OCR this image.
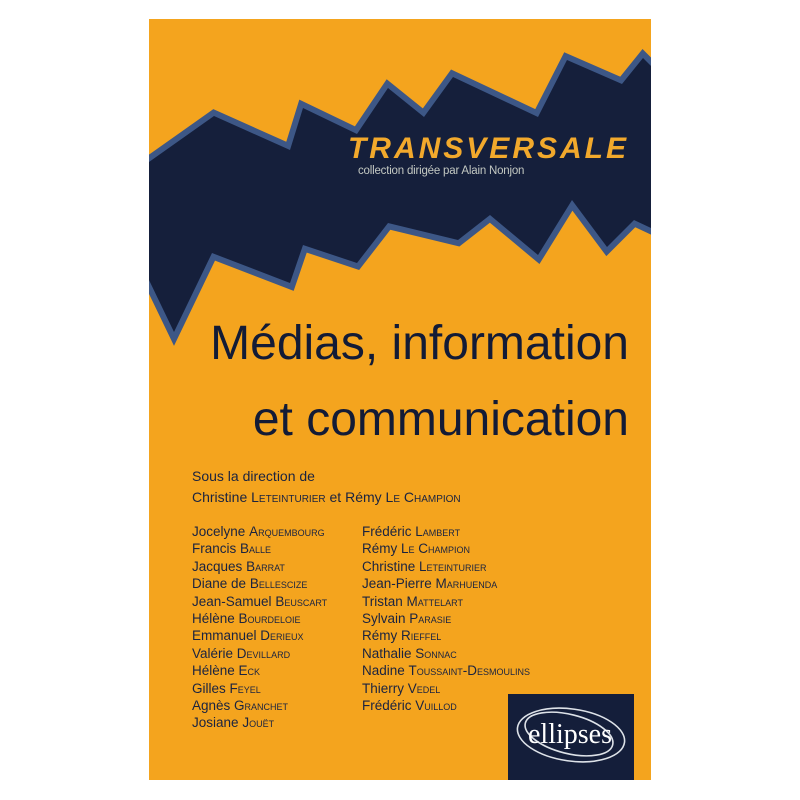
TRANSVERSALE
collection dirigée par Alain Nonjon
Médias, information
et communication
Sous la direction de
Christine Leteinturier et Rémy Le Champion
Jocelyne Arquembourg
Francis Balle
Jacques Barrat
Diane de Bellescize
Jean-Samuel Beuscart
Hélène Bourdeloie
Emmanuel Derieux
Valérie Devillard
Hélène Eck
Gilles Feyel
Agnès Granchet
Josiane Jouët
Frédéric Lambert
Rémy Le Champion
Christine Leteinturier
Jean-Pierre Marhuenda
Tristan Mattelart
Sylvain Parasie
Rémy Rieffel
Nathalie Sonnac
Nadine Toussaint-Desmoulins
Thierry Vedel
Frédéric Vuillod
ellipses
